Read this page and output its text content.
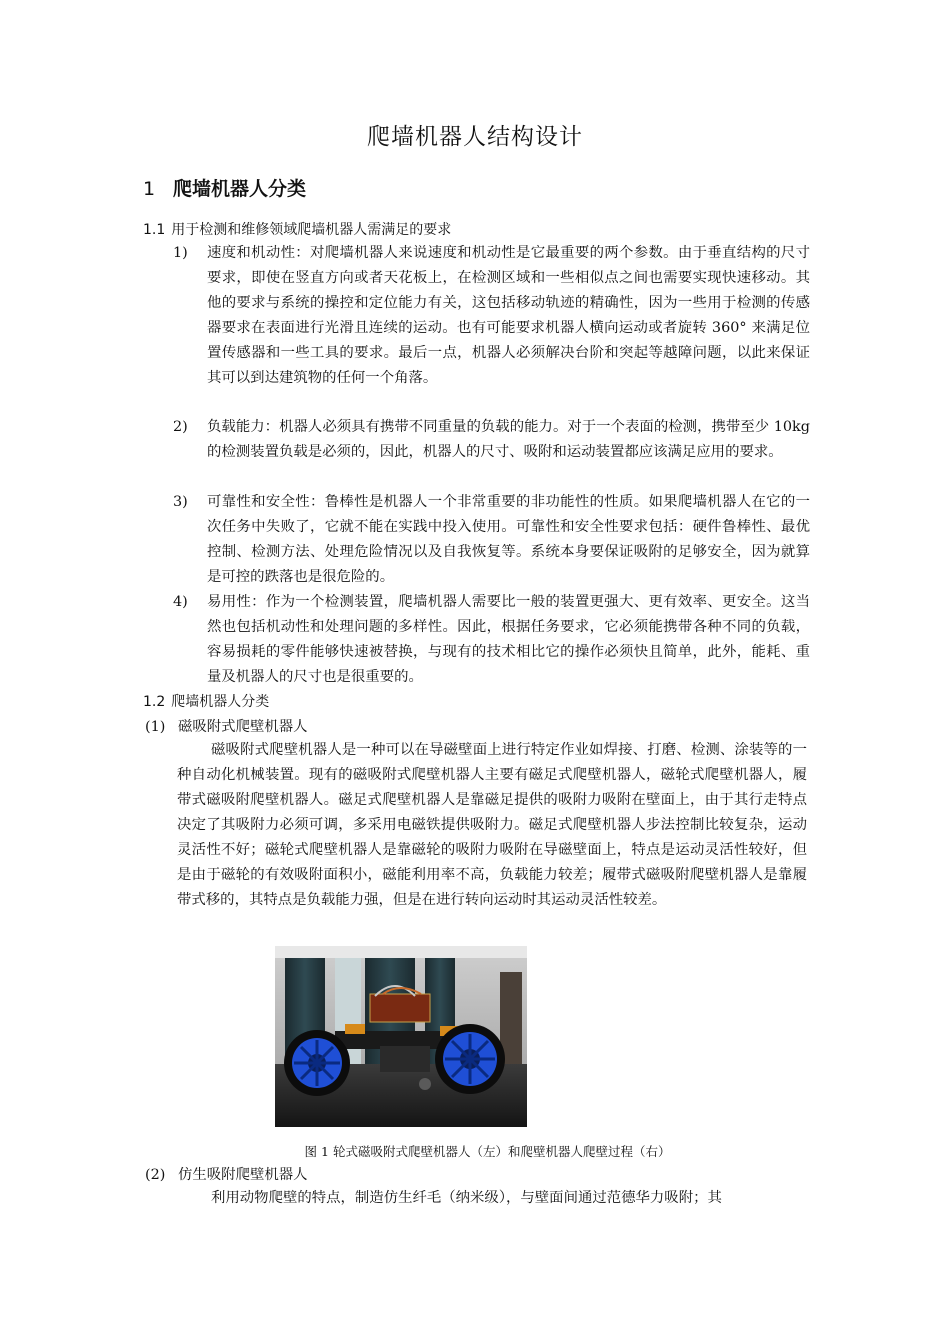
爬墙机器人结构设计
1 爬墙机器人分类
1.1 用于检测和维修领域爬墙机器人需满足的要求
1) 速度和机动性：对爬墙机器人来说速度和机动性是它最重要的两个参数。由于垂直结构的尺寸要求，即使在竖直方向或者天花板上，在检测区域和一些相似点之间也需要实现快速移动。其他的要求与系统的操控和定位能力有关，这包括移动轨迹的精确性，因为一些用于检测的传感器要求在表面进行光滑且连续的运动。也有可能要求机器人横向运动或者旋转 360° 来满足位置传感器和一些工具的要求。最后一点，机器人必须解决台阶和突起等越障问题，以此来保证其可以到达建筑物的任何一个角落。
2) 负载能力：机器人必须具有携带不同重量的负载的能力。对于一个表面的检测，携带至少 10kg 的检测装置负载是必须的，因此，机器人的尺寸、吸附和运动装置都应该满足应用的要求。
3) 可靠性和安全性：鲁棒性是机器人一个非常重要的非功能性的性质。如果爬墙机器人在它的一次任务中失败了，它就不能在实践中投入使用。可靠性和安全性要求包括：硬件鲁棒性、最优控制、检测方法、处理危险情况以及自我恢复等。系统本身要保证吸附的足够安全，因为就算是可控的跌落也是很危险的。
4) 易用性：作为一个检测装置，爬墙机器人需要比一般的装置更强大、更有效率、更安全。这当然也包括机动性和处理问题的多样性。因此，根据任务要求，它必须能携带各种不同的负载，容易损耗的零件能够快速被替换，与现有的技术相比它的操作必须快且简单，此外，能耗、重量及机器人的尺寸也是很重要的。
1.2 爬墙机器人分类
(1) 磁吸附式爬壁机器人
磁吸附式爬壁机器人是一种可以在导磁壁面上进行特定作业如焊接、打磨、检测、涂装等的一种自动化机械装置。现有的磁吸附式爬壁机器人主要有磁足式爬壁机器人，磁轮式爬壁机器人，履带式磁吸附爬壁机器人。磁足式爬壁机器人是靠磁足提供的吸附力吸附在壁面上，由于其行走特点决定了其吸附力必须可调，多采用电磁铁提供吸附力。磁足式爬壁机器人步法控制比较复杂，运动灵活性不好；磁轮式爬壁机器人是靠磁轮的吸附力吸附在导磁壁面上，特点是运动灵活性较好，但是由于磁轮的有效吸附面积小，磁能利用率不高，负载能力较差；履带式磁吸附爬壁机器人是靠履带式移的，其特点是负载能力强，但是在进行转向运动时其运动灵活性较差。
图 1 轮式磁吸附式爬壁机器人（左）和爬壁机器人爬壁过程（右）
(2) 仿生吸附爬壁机器人
利用动物爬壁的特点，制造仿生纤毛（纳米级），与壁面间通过范德华力吸附；其
